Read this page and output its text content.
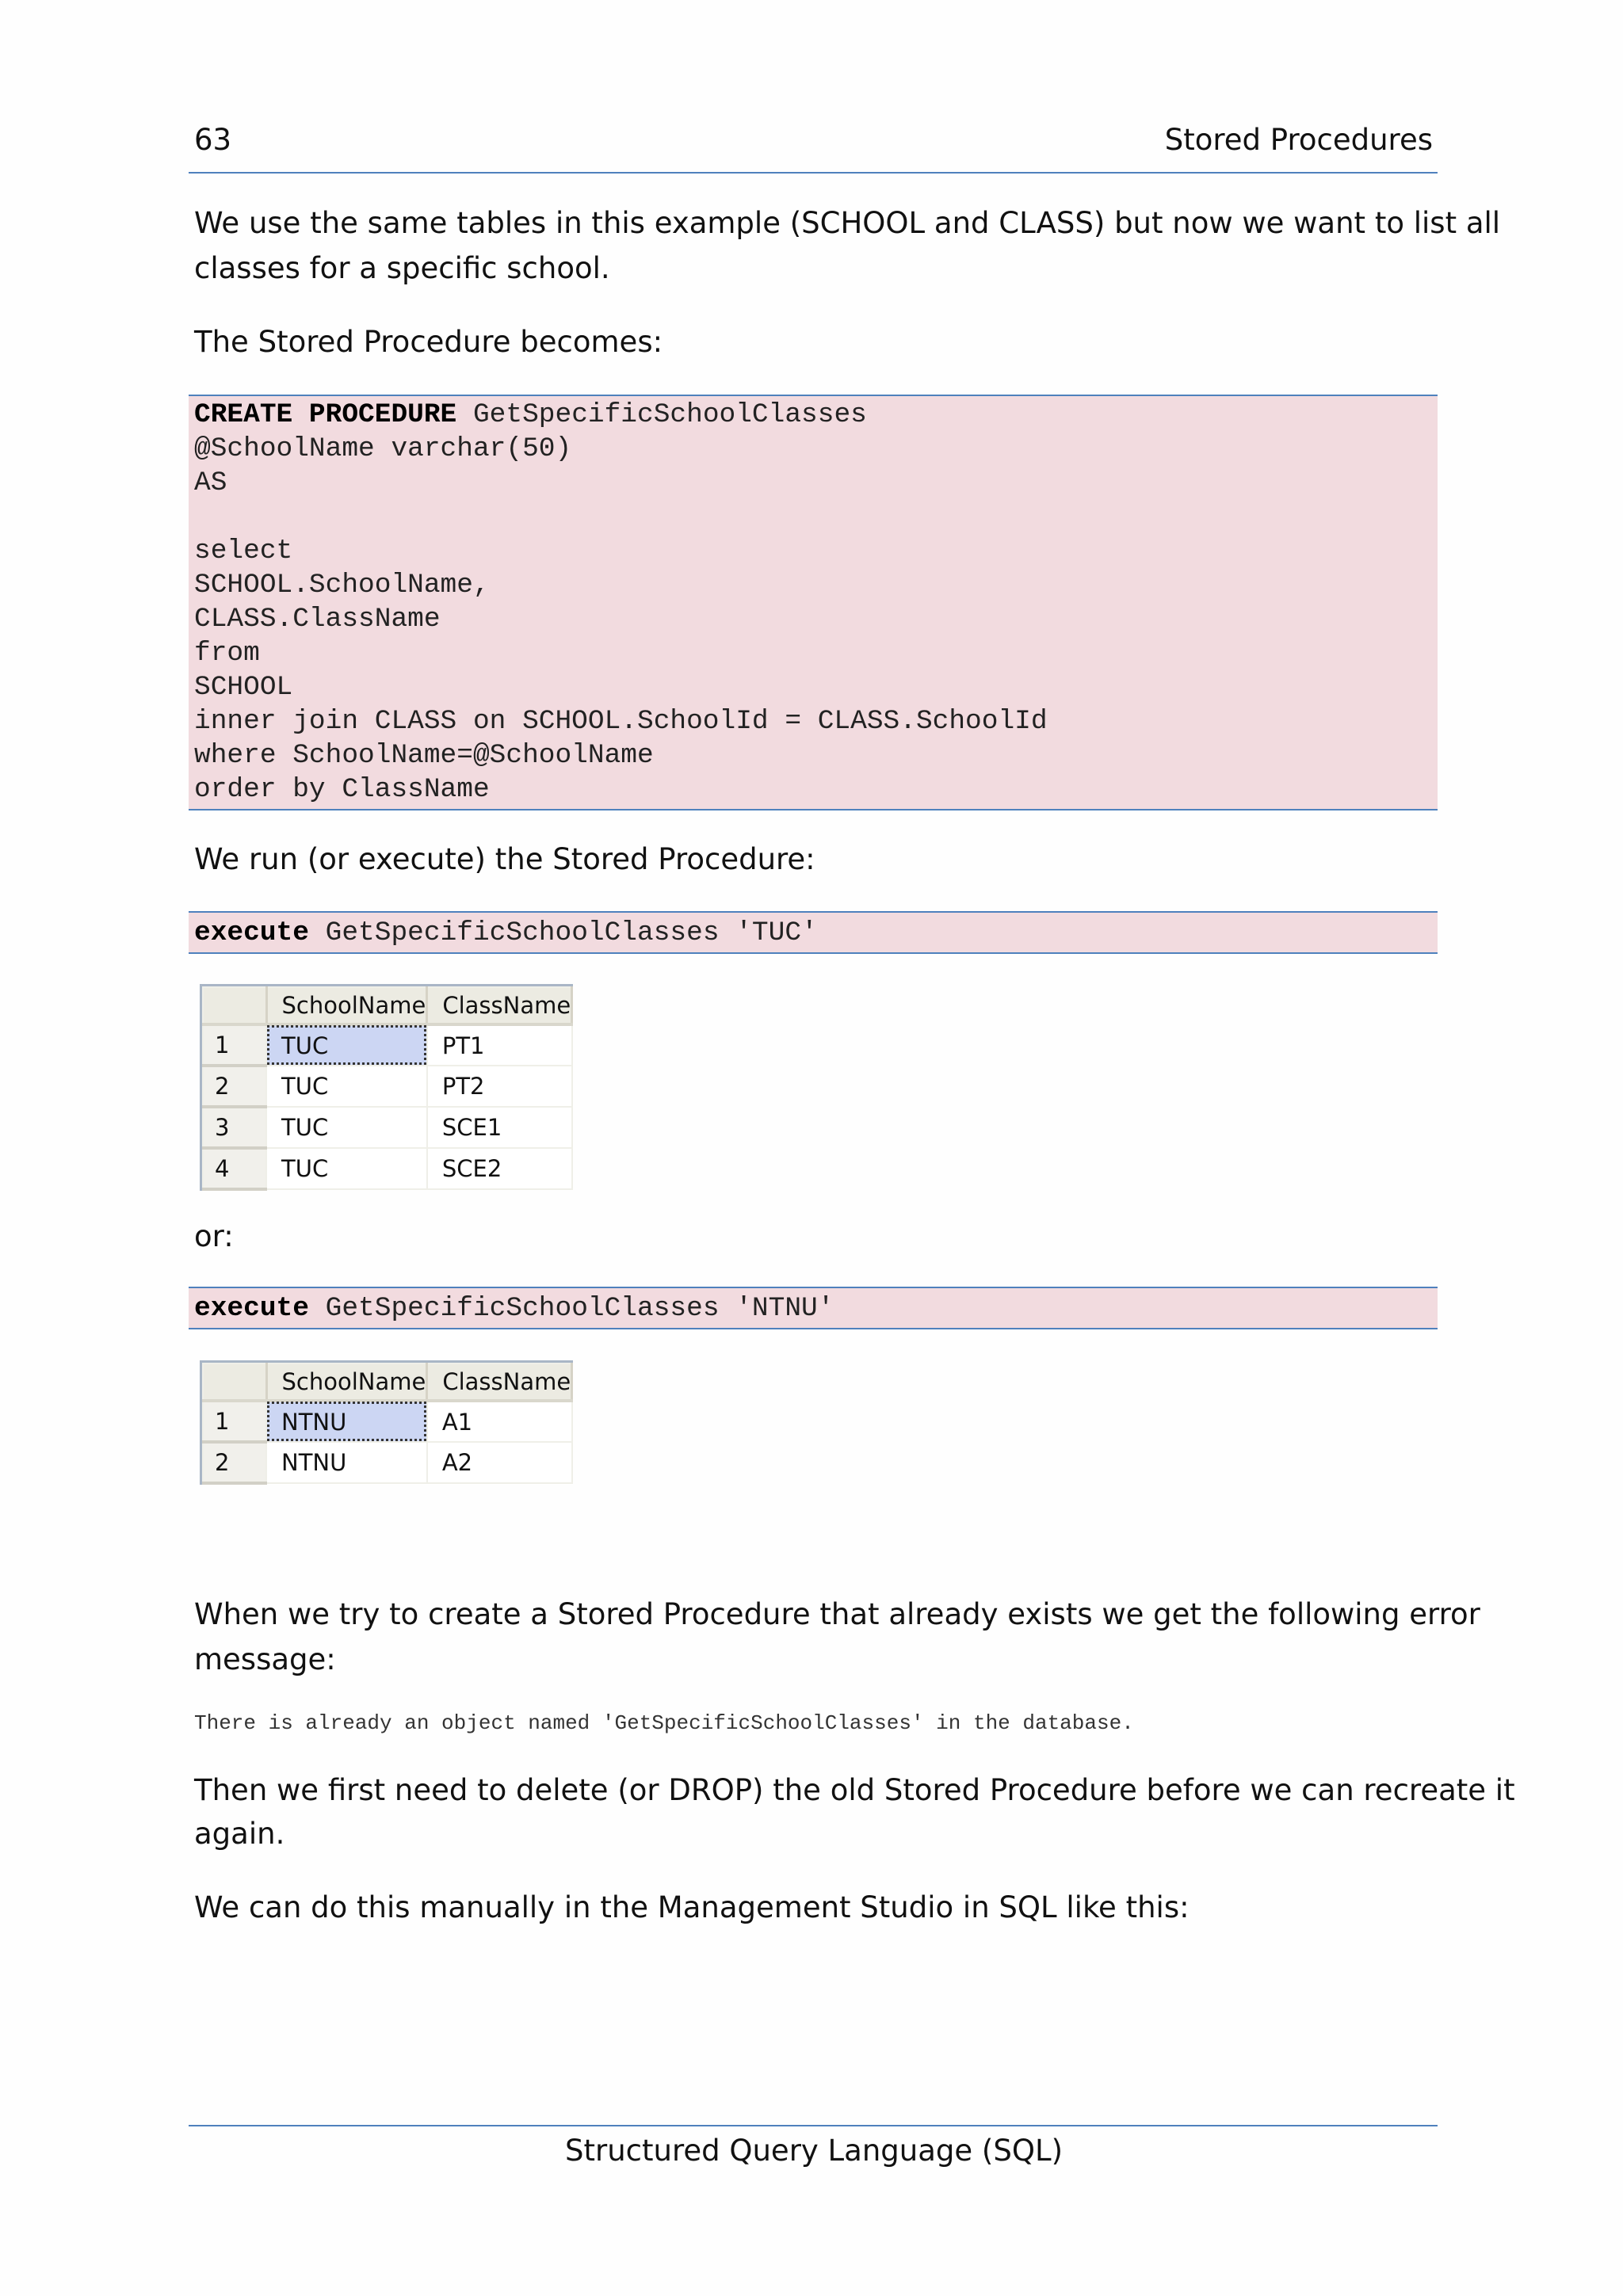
63	Stored Procedures
We use the same tables in this example (SCHOOL and CLASS) but now we want to list all
classes for a specific school.
The Stored Procedure becomes:
CREATE PROCEDURE GetSpecificSchoolClasses
@SchoolName varchar(50)
AS
select
SCHOOL.SchoolName,
CLASS.ClassName
from
SCHOOL
inner join CLASS on SCHOOL.SchoolId = CLASS.SchoolId
where SchoolName=@SchoolName
order by ClassName
We run (or execute) the Stored Procedure:
execute GetSpecificSchoolClasses 'TUC'
	SchoolName	ClassName
1	TUC	PT1
2	TUC	PT2
3	TUC	SCE1
4	TUC	SCE2
or:
execute GetSpecificSchoolClasses 'NTNU'
	SchoolName	ClassName
1	NTNU	A1
2	NTNU	A2
When we try to create a Stored Procedure that already exists we get the following error
message:
There is already an object named 'GetSpecificSchoolClasses' in the database.
Then we first need to delete (or DROP) the old Stored Procedure before we can recreate it
again.
We can do this manually in the Management Studio in SQL like this:
Structured Query Language (SQL)
